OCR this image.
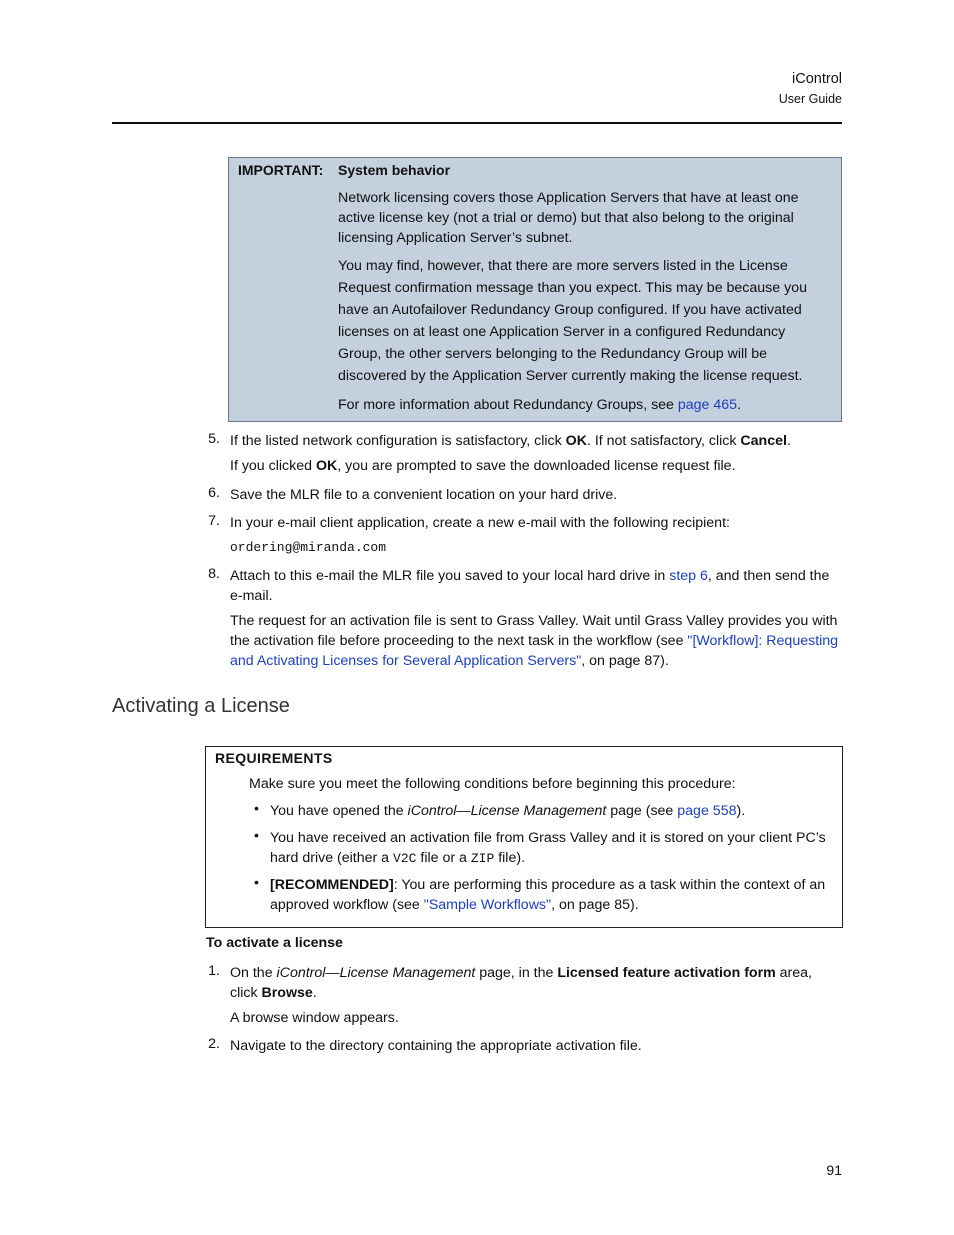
iControl
User Guide
IMPORTANT: System behavior
Network licensing covers those Application Servers that have at least one active license key (not a trial or demo) but that also belong to the original licensing Application Server’s subnet.
You may find, however, that there are more servers listed in the License Request confirmation message than you expect. This may be because you have an Autofailover Redundancy Group configured. If you have activated licenses on at least one Application Server in a configured Redundancy Group, the other servers belonging to the Redundancy Group will be discovered by the Application Server currently making the license request.
For more information about Redundancy Groups, see page 465.
5. If the listed network configuration is satisfactory, click OK. If not satisfactory, click Cancel.
If you clicked OK, you are prompted to save the downloaded license request file.
6. Save the MLR file to a convenient location on your hard drive.
7. In your e-mail client application, create a new e-mail with the following recipient:
ordering@miranda.com
8. Attach to this e-mail the MLR file you saved to your local hard drive in step 6, and then send the e-mail.
The request for an activation file is sent to Grass Valley. Wait until Grass Valley provides you with the activation file before proceeding to the next task in the workflow (see "[Workflow]: Requesting and Activating Licenses for Several Application Servers", on page 87).
Activating a License
REQUIREMENTS
Make sure you meet the following conditions before beginning this procedure:
• You have opened the iControl—License Management page (see page 558).
• You have received an activation file from Grass Valley and it is stored on your client PC’s hard drive (either a V2C file or a ZIP file).
• [RECOMMENDED]: You are performing this procedure as a task within the context of an approved workflow (see "Sample Workflows", on page 85).
To activate a license
1. On the iControl—License Management page, in the Licensed feature activation form area, click Browse.
A browse window appears.
2. Navigate to the directory containing the appropriate activation file.
91
